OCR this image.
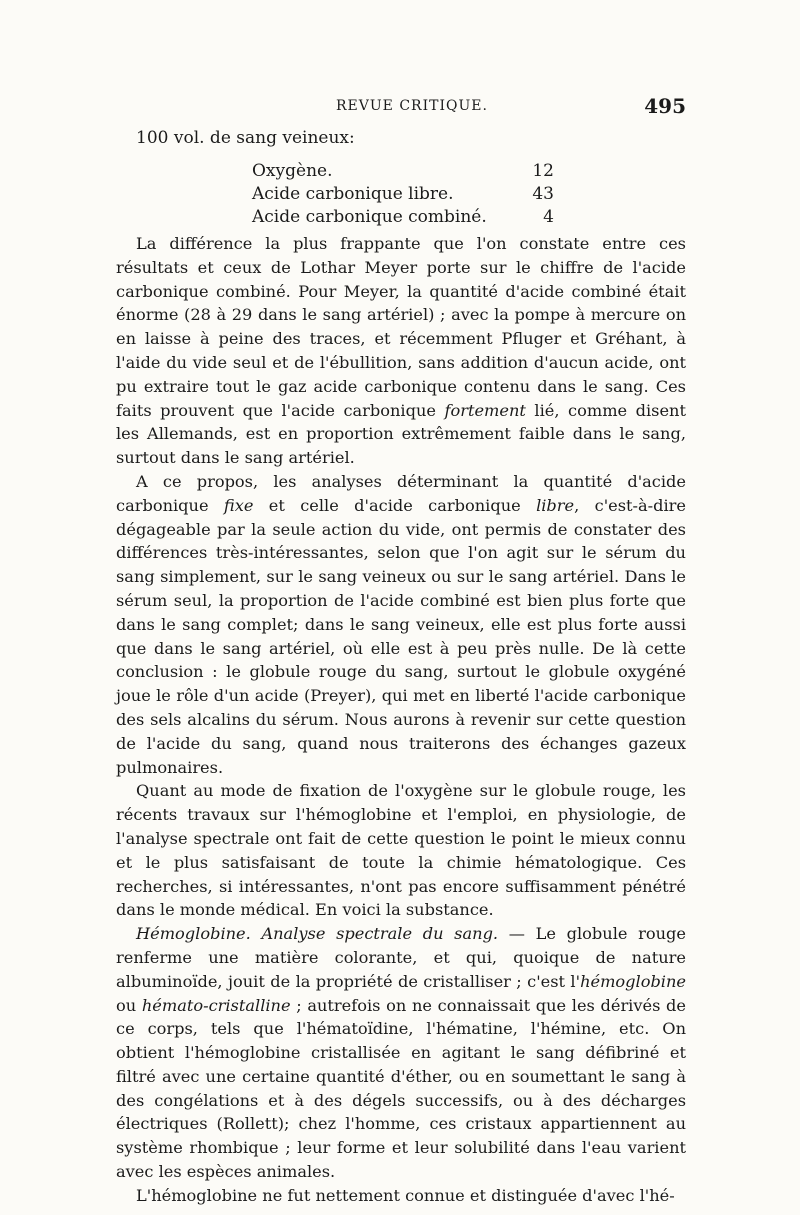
REVUE CRITIQUE.	495
100 vol. de sang veineux:
Oxygène.	12
Acide carbonique libre.	43
Acide carbonique combiné.	4

La différence la plus frappante que l'on constate entre ces résultats et ceux de Lothar Meyer porte sur le chiffre de l'acide carbonique combiné. Pour Meyer, la quantité d'acide combiné était énorme (28 à 29 dans le sang artériel) ; avec la pompe à mercure on en laisse à peine des traces, et récemment Pfluger et Gréhant, à l'aide du vide seul et de l'ébullition, sans addition d'aucun acide, ont pu extraire tout le gaz acide carbonique contenu dans le sang. Ces faits prouvent que l'acide carbonique fortement lié, comme disent les Allemands, est en proportion extrêmement faible dans le sang, surtout dans le sang artériel.

A ce propos, les analyses déterminant la quantité d'acide carbonique fixe et celle d'acide carbonique libre, c'est-à-dire dégageable par la seule action du vide, ont permis de constater des différences très-intéressantes, selon que l'on agit sur le sérum du sang simplement, sur le sang veineux ou sur le sang artériel. Dans le sérum seul, la proportion de l'acide combiné est bien plus forte que dans le sang complet; dans le sang veineux, elle est plus forte aussi que dans le sang artériel, où elle est à peu près nulle. De là cette conclusion : le globule rouge du sang, surtout le globule oxygéné joue le rôle d'un acide (Preyer), qui met en liberté l'acide carbonique des sels alcalins du sérum. Nous aurons à revenir sur cette question de l'acide du sang, quand nous traiterons des échanges gazeux pulmonaires.

Quant au mode de fixation de l'oxygène sur le globule rouge, les récents travaux sur l'hémoglobine et l'emploi, en physiologie, de l'analyse spectrale ont fait de cette question le point le mieux connu et le plus satisfaisant de toute la chimie hématologique. Ces recherches, si intéressantes, n'ont pas encore suffisamment pénétré dans le monde médical. En voici la substance.

Hémoglobine. Analyse spectrale du sang. — Le globule rouge renferme une matière colorante, et qui, quoique de nature albuminoïde, jouit de la propriété de cristalliser ; c'est l'hémoglobine ou hémato-cristalline ; autrefois on ne connaissait que les dérivés de ce corps, tels que l'hématoïdine, l'hématine, l'hémine, etc. On obtient l'hémoglobine cristallisée en agitant le sang défibriné et filtré avec une certaine quantité d'éther, ou en soumettant le sang à des congélations et à des dégels successifs, ou à des décharges électriques (Rollett); chez l'homme, ces cristaux appartiennent au système rhombique ; leur forme et leur solubilité dans l'eau varient avec les espèces animales.

L'hémoglobine ne fut nettement connue et distinguée d'avec l'hé-
